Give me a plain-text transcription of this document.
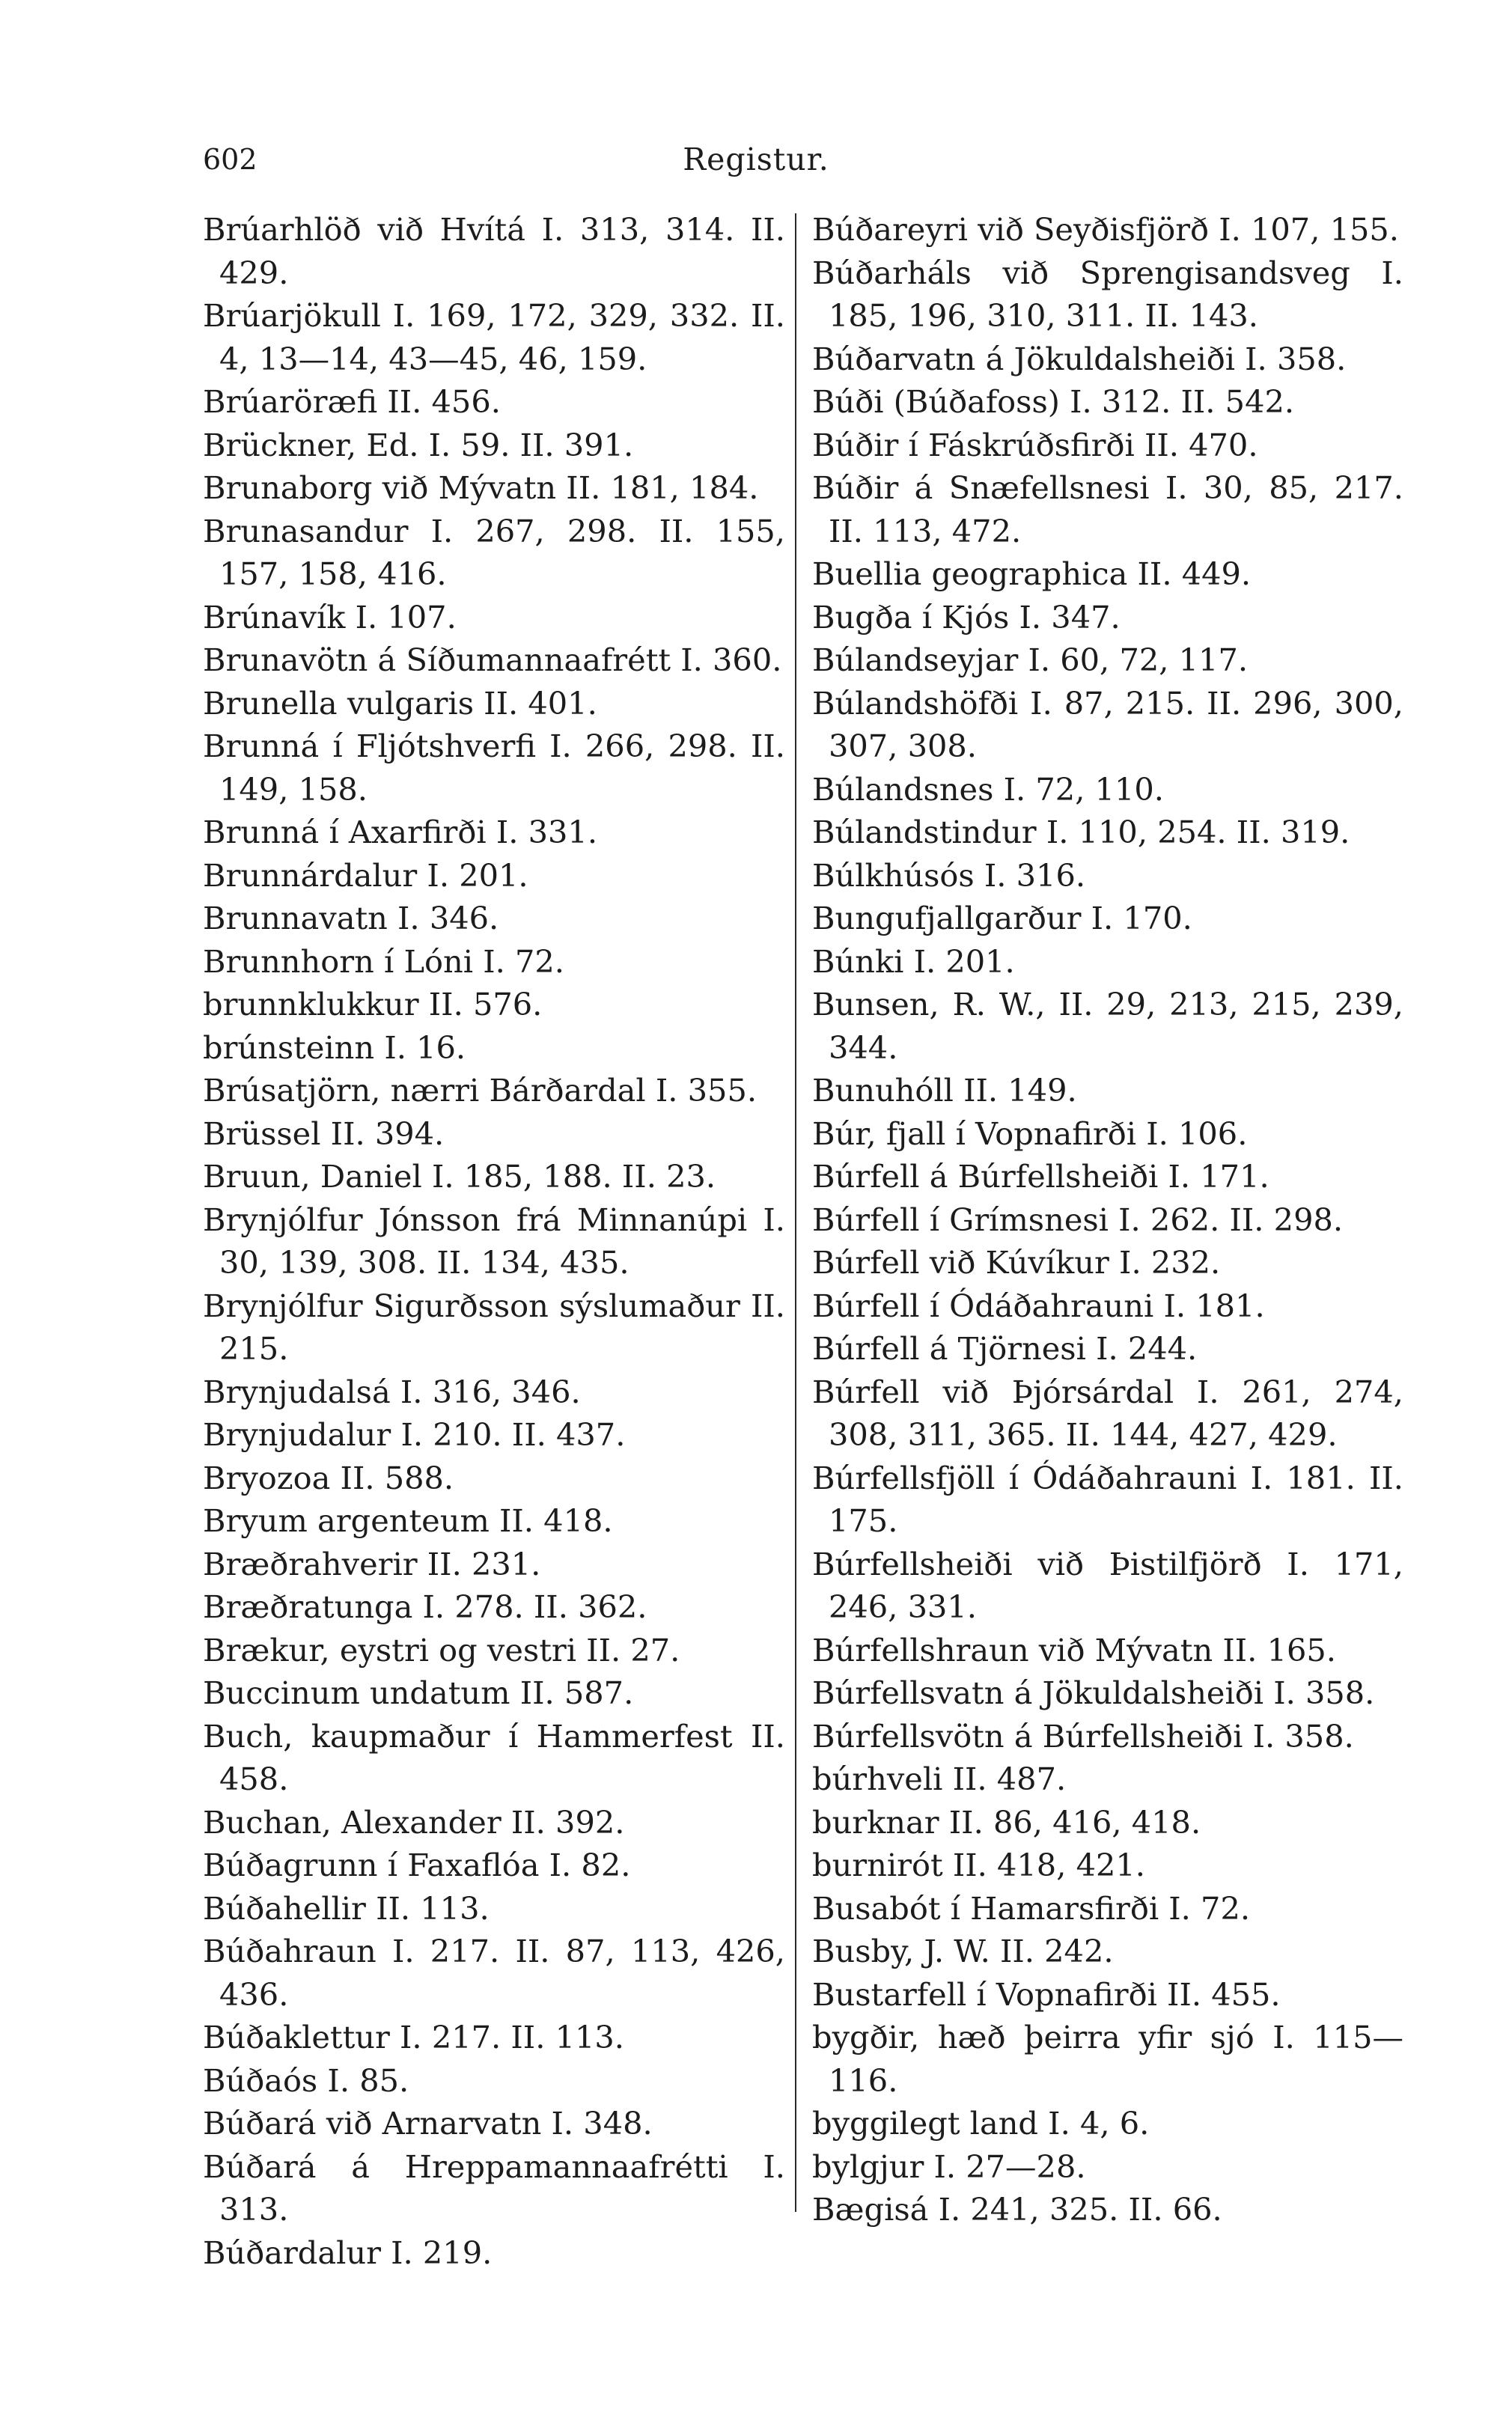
602	Registur.
Brúarhlöð við Hvítá I. 313, 314. II. 429.
Brúarjökull I. 169, 172, 329, 332. II. 4, 13—14, 43—45, 46, 159.
Brúaröræfi II. 456.
Brückner, Ed. I. 59. II. 391.
Brunaborg við Mývatn II. 181, 184.
Brunasandur I. 267, 298. II. 155, 157, 158, 416.
Brúnavík I. 107.
Brunavötn á Síðumannaafrétt I. 360.
Brunella vulgaris II. 401.
Brunná í Fljótshverfi I. 266, 298. II. 149, 158.
Brunná í Axarfirði I. 331.
Brunnárdalur I. 201.
Brunnavatn I. 346.
Brunnhorn í Lóni I. 72.
brunnklukkur II. 576.
brúnsteinn I. 16.
Brúsatjörn, nærri Bárðardal I. 355.
Brüssel II. 394.
Bruun, Daniel I. 185, 188. II. 23.
Brynjólfur Jónsson frá Minnanúpi I. 30, 139, 308. II. 134, 435.
Brynjólfur Sigurðsson sýslumaður II. 215.
Brynjudalsá I. 316, 346.
Brynjudalur I. 210. II. 437.
Bryozoa II. 588.
Bryum argenteum II. 418.
Bræðrahverir II. 231.
Bræðratunga I. 278. II. 362.
Brækur, eystri og vestri II. 27.
Buccinum undatum II. 587.
Buch, kaupmaður í Hammerfest II. 458.
Buchan, Alexander II. 392.
Búðagrunn í Faxaflóa I. 82.
Búðahellir II. 113.
Búðahraun I. 217. II. 87, 113, 426, 436.
Búðaklettur I. 217. II. 113.
Búðaós I. 85.
Búðará við Arnarvatn I. 348.
Búðará á Hreppamannaafrétti I. 313.
Búðardalur I. 219.
Búðareyri við Seyðisfjörð I. 107, 155.
Búðarháls við Sprengisandsveg I. 185, 196, 310, 311. II. 143.
Búðarvatn á Jökuldalsheiði I. 358.
Búði (Búðafoss) I. 312. II. 542.
Búðir í Fáskrúðsfirði II. 470.
Búðir á Snæfellsnesi I. 30, 85, 217. II. 113, 472.
Buellia geographica II. 449.
Bugða í Kjós I. 347.
Búlandseyjar I. 60, 72, 117.
Búlandshöfði I. 87, 215. II. 296, 300, 307, 308.
Búlandsnes I. 72, 110.
Búlandstindur I. 110, 254. II. 319.
Búlkhúsós I. 316.
Bungufjallgarður I. 170.
Búnki I. 201.
Bunsen, R. W., II. 29, 213, 215, 239, 344.
Bunuhóll II. 149.
Búr, fjall í Vopnafirði I. 106.
Búrfell á Búrfellsheiði I. 171.
Búrfell í Grímsnesi I. 262. II. 298.
Búrfell við Kúvíkur I. 232.
Búrfell í Ódáðahrauni I. 181.
Búrfell á Tjörnesi I. 244.
Búrfell við Þjórsárdal I. 261, 274, 308, 311, 365. II. 144, 427, 429.
Búrfellsfjöll í Ódáðahrauni I. 181. II. 175.
Búrfellsheiði við Þistilfjörð I. 171, 246, 331.
Búrfellshraun við Mývatn II. 165.
Búrfellsvatn á Jökuldalsheiði I. 358.
Búrfellsvötn á Búrfellsheiði I. 358.
búrhveli II. 487.
burknar II. 86, 416, 418.
burnirót II. 418, 421.
Busabót í Hamarsfirði I. 72.
Busby, J. W. II. 242.
Bustarfell í Vopnafirði II. 455.
bygðir, hæð þeirra yfir sjó I. 115—116.
byggilegt land I. 4, 6.
bylgjur I. 27—28.
Bægisá I. 241, 325. II. 66.
